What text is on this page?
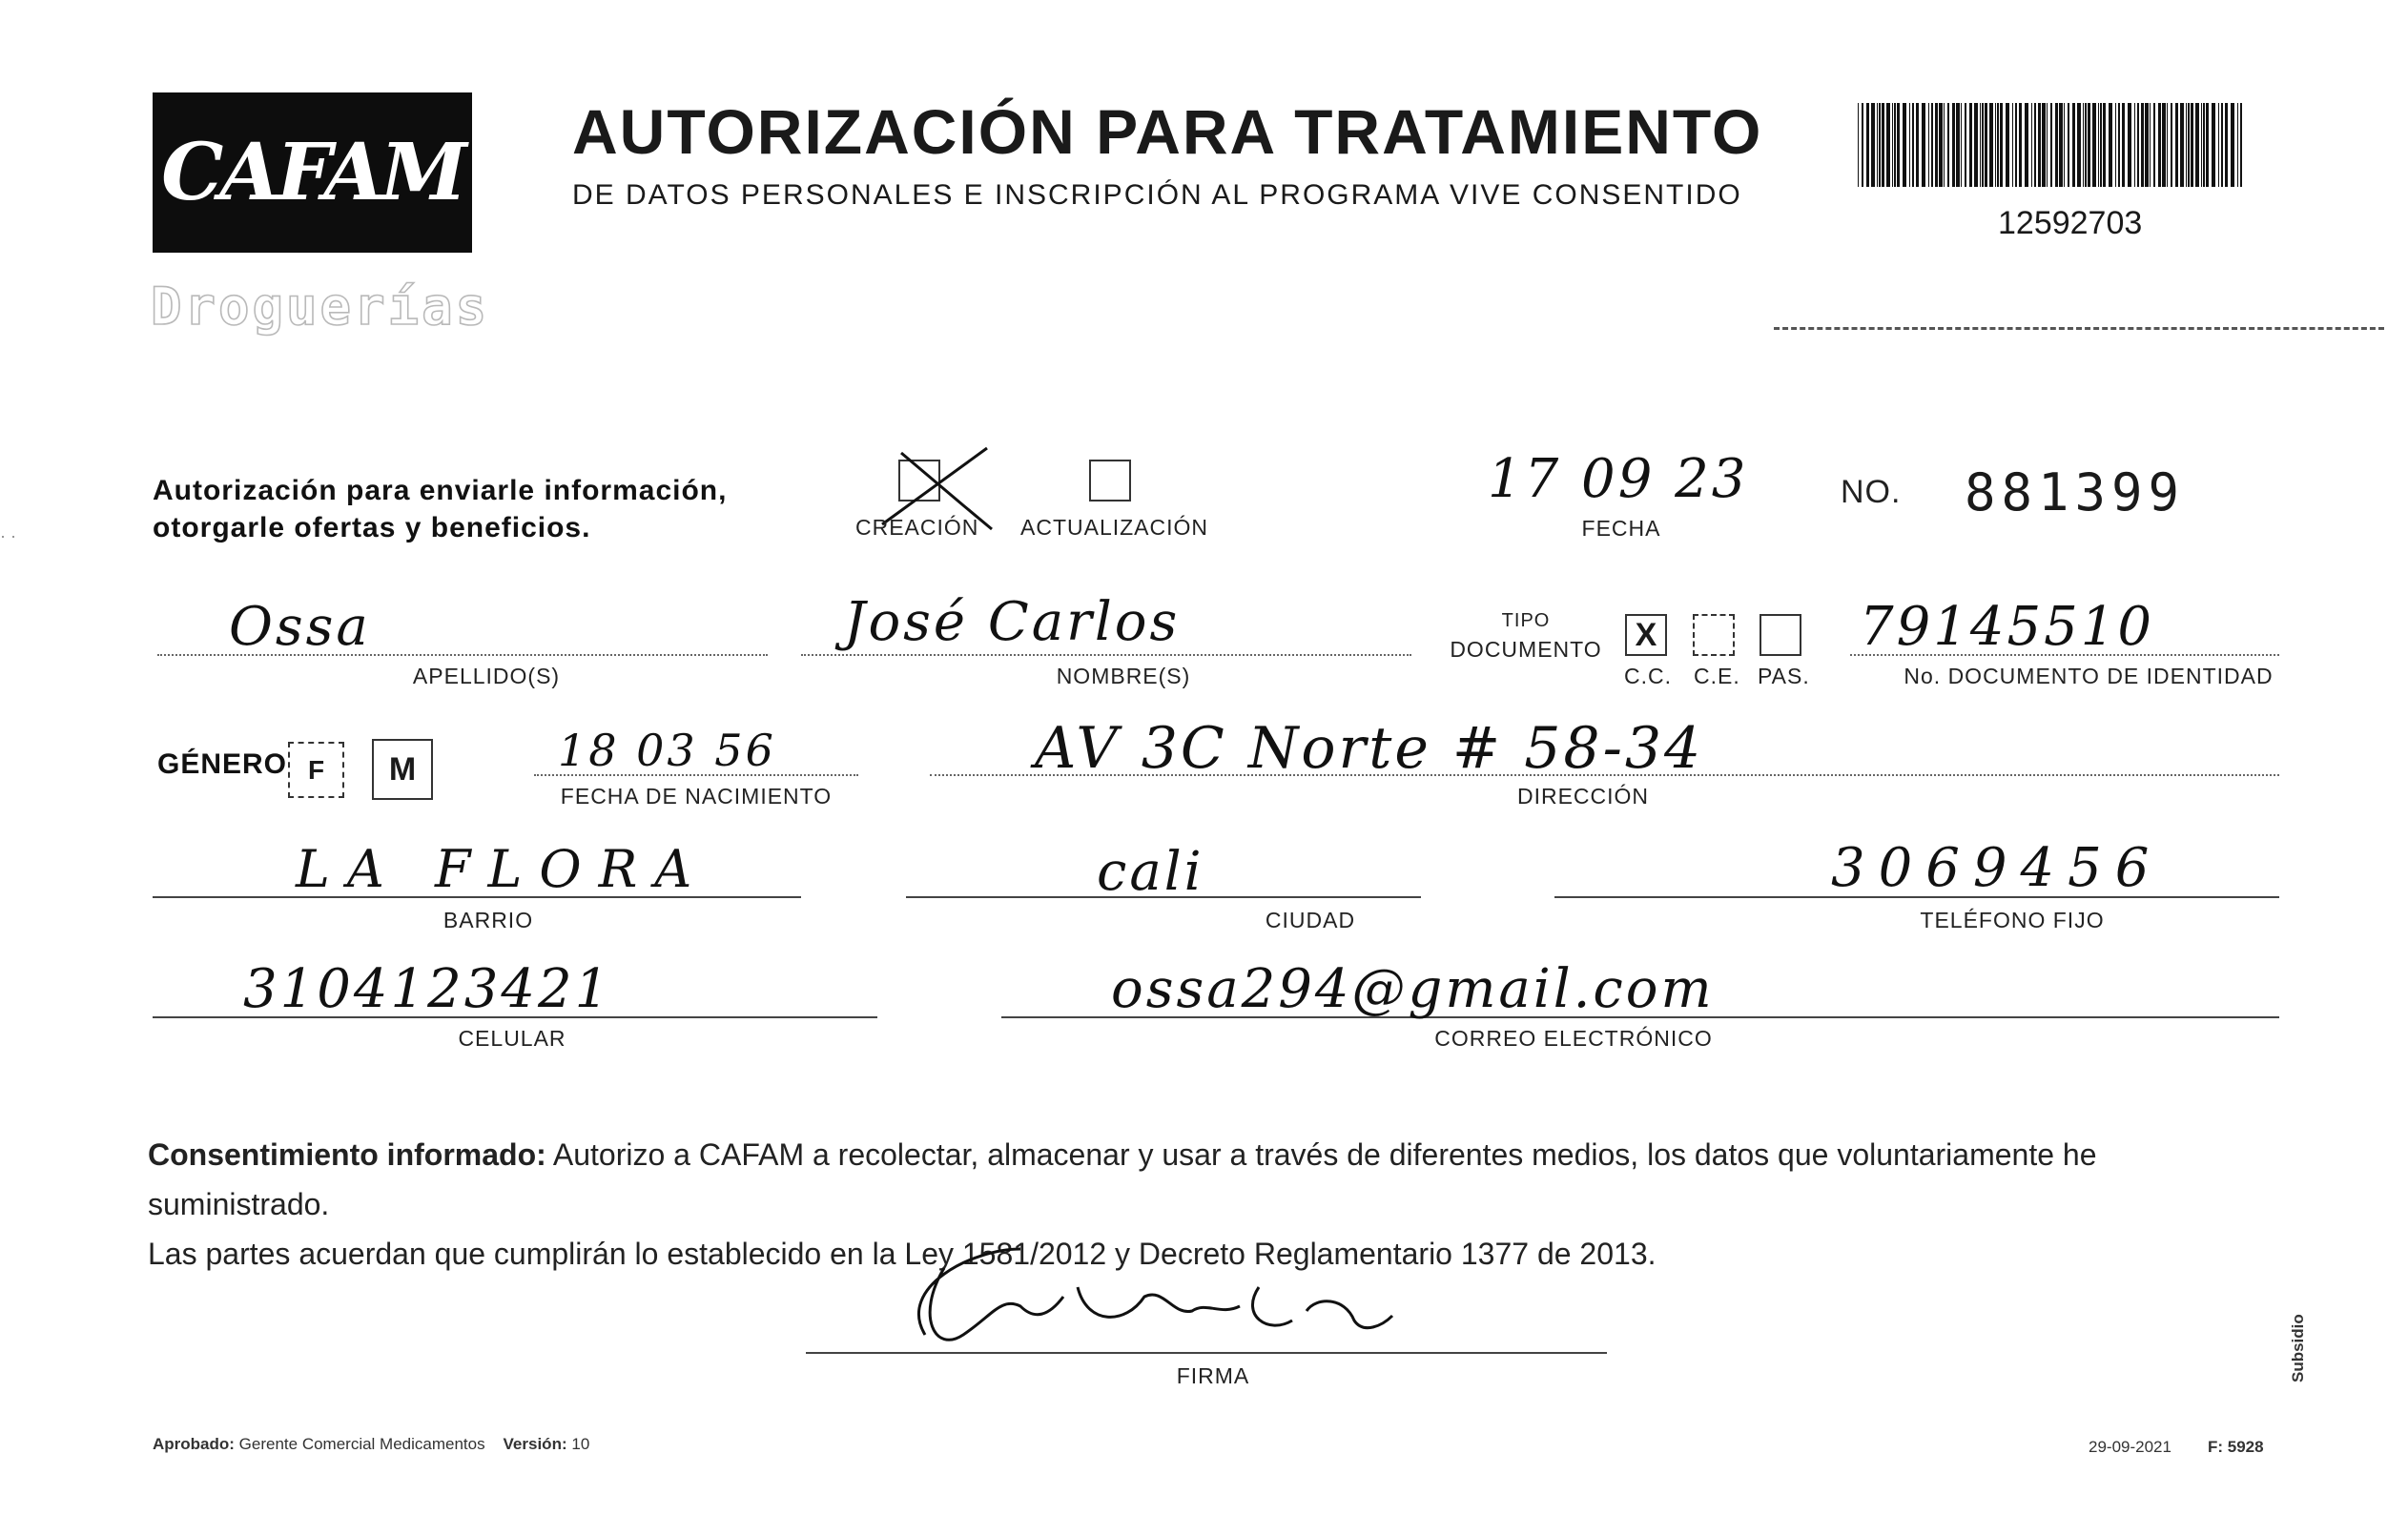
CAFAM
Droguerías
AUTORIZACIÓN PARA TRATAMIENTO
DE DATOS PERSONALES E INSCRIPCIÓN AL PROGRAMA VIVE CONSENTIDO
12592703
· ·
Autorización para enviarle información,
otorgarle ofertas y beneficios.	CREACIÓN ACTUALIZACIÓN
17 09 23
FECHA
NO. 881399
Ossa
APELLIDO(S)
José Carlos
NOMBRE(S)
TIPO
DOCUMENTO	X
C.C. C.E. PAS.
79145510
No. DOCUMENTO DE IDENTIDAD
GÉNERO F	M	18 03 56
FECHA DE NACIMIENTO
AV 3C Norte # 58-34
DIRECCIÓN
LA FLORA
BARRIO
cali
CIUDAD
3069456
TELÉFONO FIJO
3104123421
CELULAR
ossa294@gmail.com
CORREO ELECTRÓNICO
Consentimiento informado: Autorizo a CAFAM a recolectar, almacenar y usar a través de diferentes medios, los datos que voluntariamente he suministrado.
Las partes acuerdan que cumplirán lo establecido en la Ley 1581/2012 y Decreto Reglamentario 1377 de 2013.
FIRMA
Aprobado: Gerente Comercial Medicamentos Versión: 10	29-09-2021 F: 5928
Subsidio
